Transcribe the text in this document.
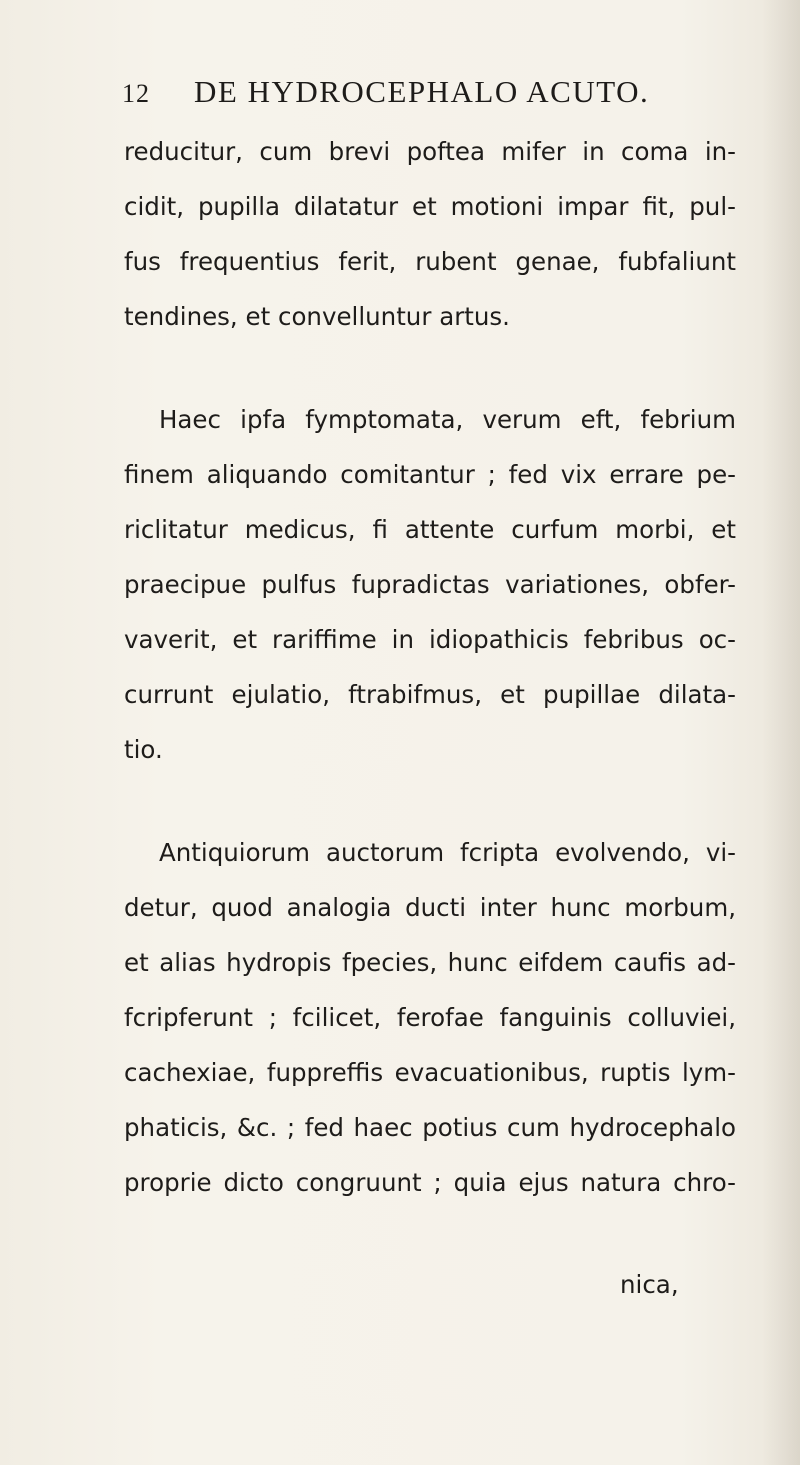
12 DE HYDROCEPHALO ACUTO.
reducitur, cum brevi poftea mifer in coma in-
cidit, pupilla dilatatur et motioni impar fit, pul-
fus frequentius ferit, rubent genae, fubfaliunt
tendines, et convelluntur artus.
Haec ipfa fymptomata, verum eft, febrium
finem aliquando comitantur ; fed vix errare pe-
riclitatur medicus, fi attente curfum morbi, et
praecipue pulfus fupradictas variationes, obfer-
vaverit, et rariffime in idiopathicis febribus oc-
currunt ejulatio, ftrabifmus, et pupillae dilata-
tio.
Antiquiorum auctorum fcripta evolvendo, vi-
detur, quod analogia ducti inter hunc morbum,
et alias hydropis fpecies, hunc eifdem caufis ad-
fcripferunt ; fcilicet, ferofae fanguinis colluviei,
cachexiae, fuppreffis evacuationibus, ruptis lym-
phaticis, &c. ; fed haec potius cum hydrocephalo
proprie dicto congruunt ; quia ejus natura chro-
nica,
